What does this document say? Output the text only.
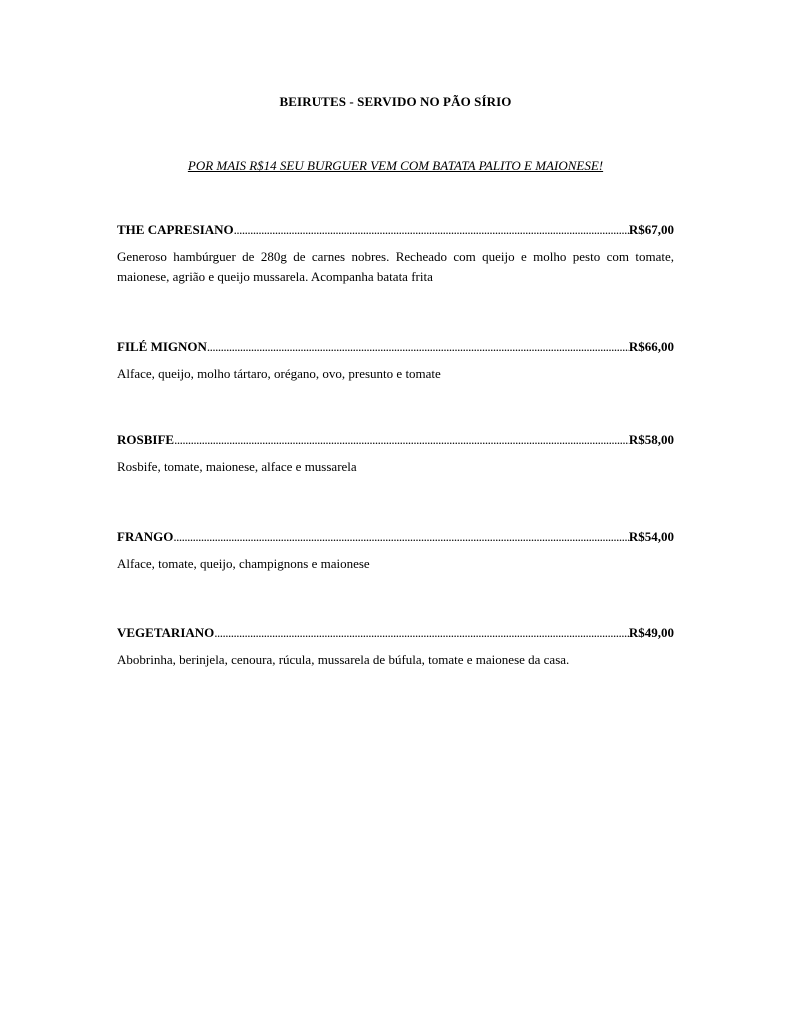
BEIRUTES - SERVIDO NO PÃO SÍRIO
POR MAIS R$14 SEU BURGUER VEM COM BATATA PALITO E MAIONESE!
THE CAPRESIANO .....	R$67,00
Generoso hambúrguer de 280g de carnes nobres. Recheado com queijo e molho pesto com tomate, maionese, agrião e queijo mussarela. Acompanha batata frita
FILÉ MIGNON .....	R$66,00
Alface, queijo, molho tártaro, orégano, ovo, presunto e tomate
ROSBIFE .....	R$58,00
Rosbife, tomate, maionese, alface e mussarela
FRANGO .....	R$54,00
Alface, tomate, queijo, champignons e maionese
VEGETARIANO .....	R$49,00
Abobrinha, berinjela, cenoura, rúcula, mussarela de búfula, tomate e maionese da casa.
